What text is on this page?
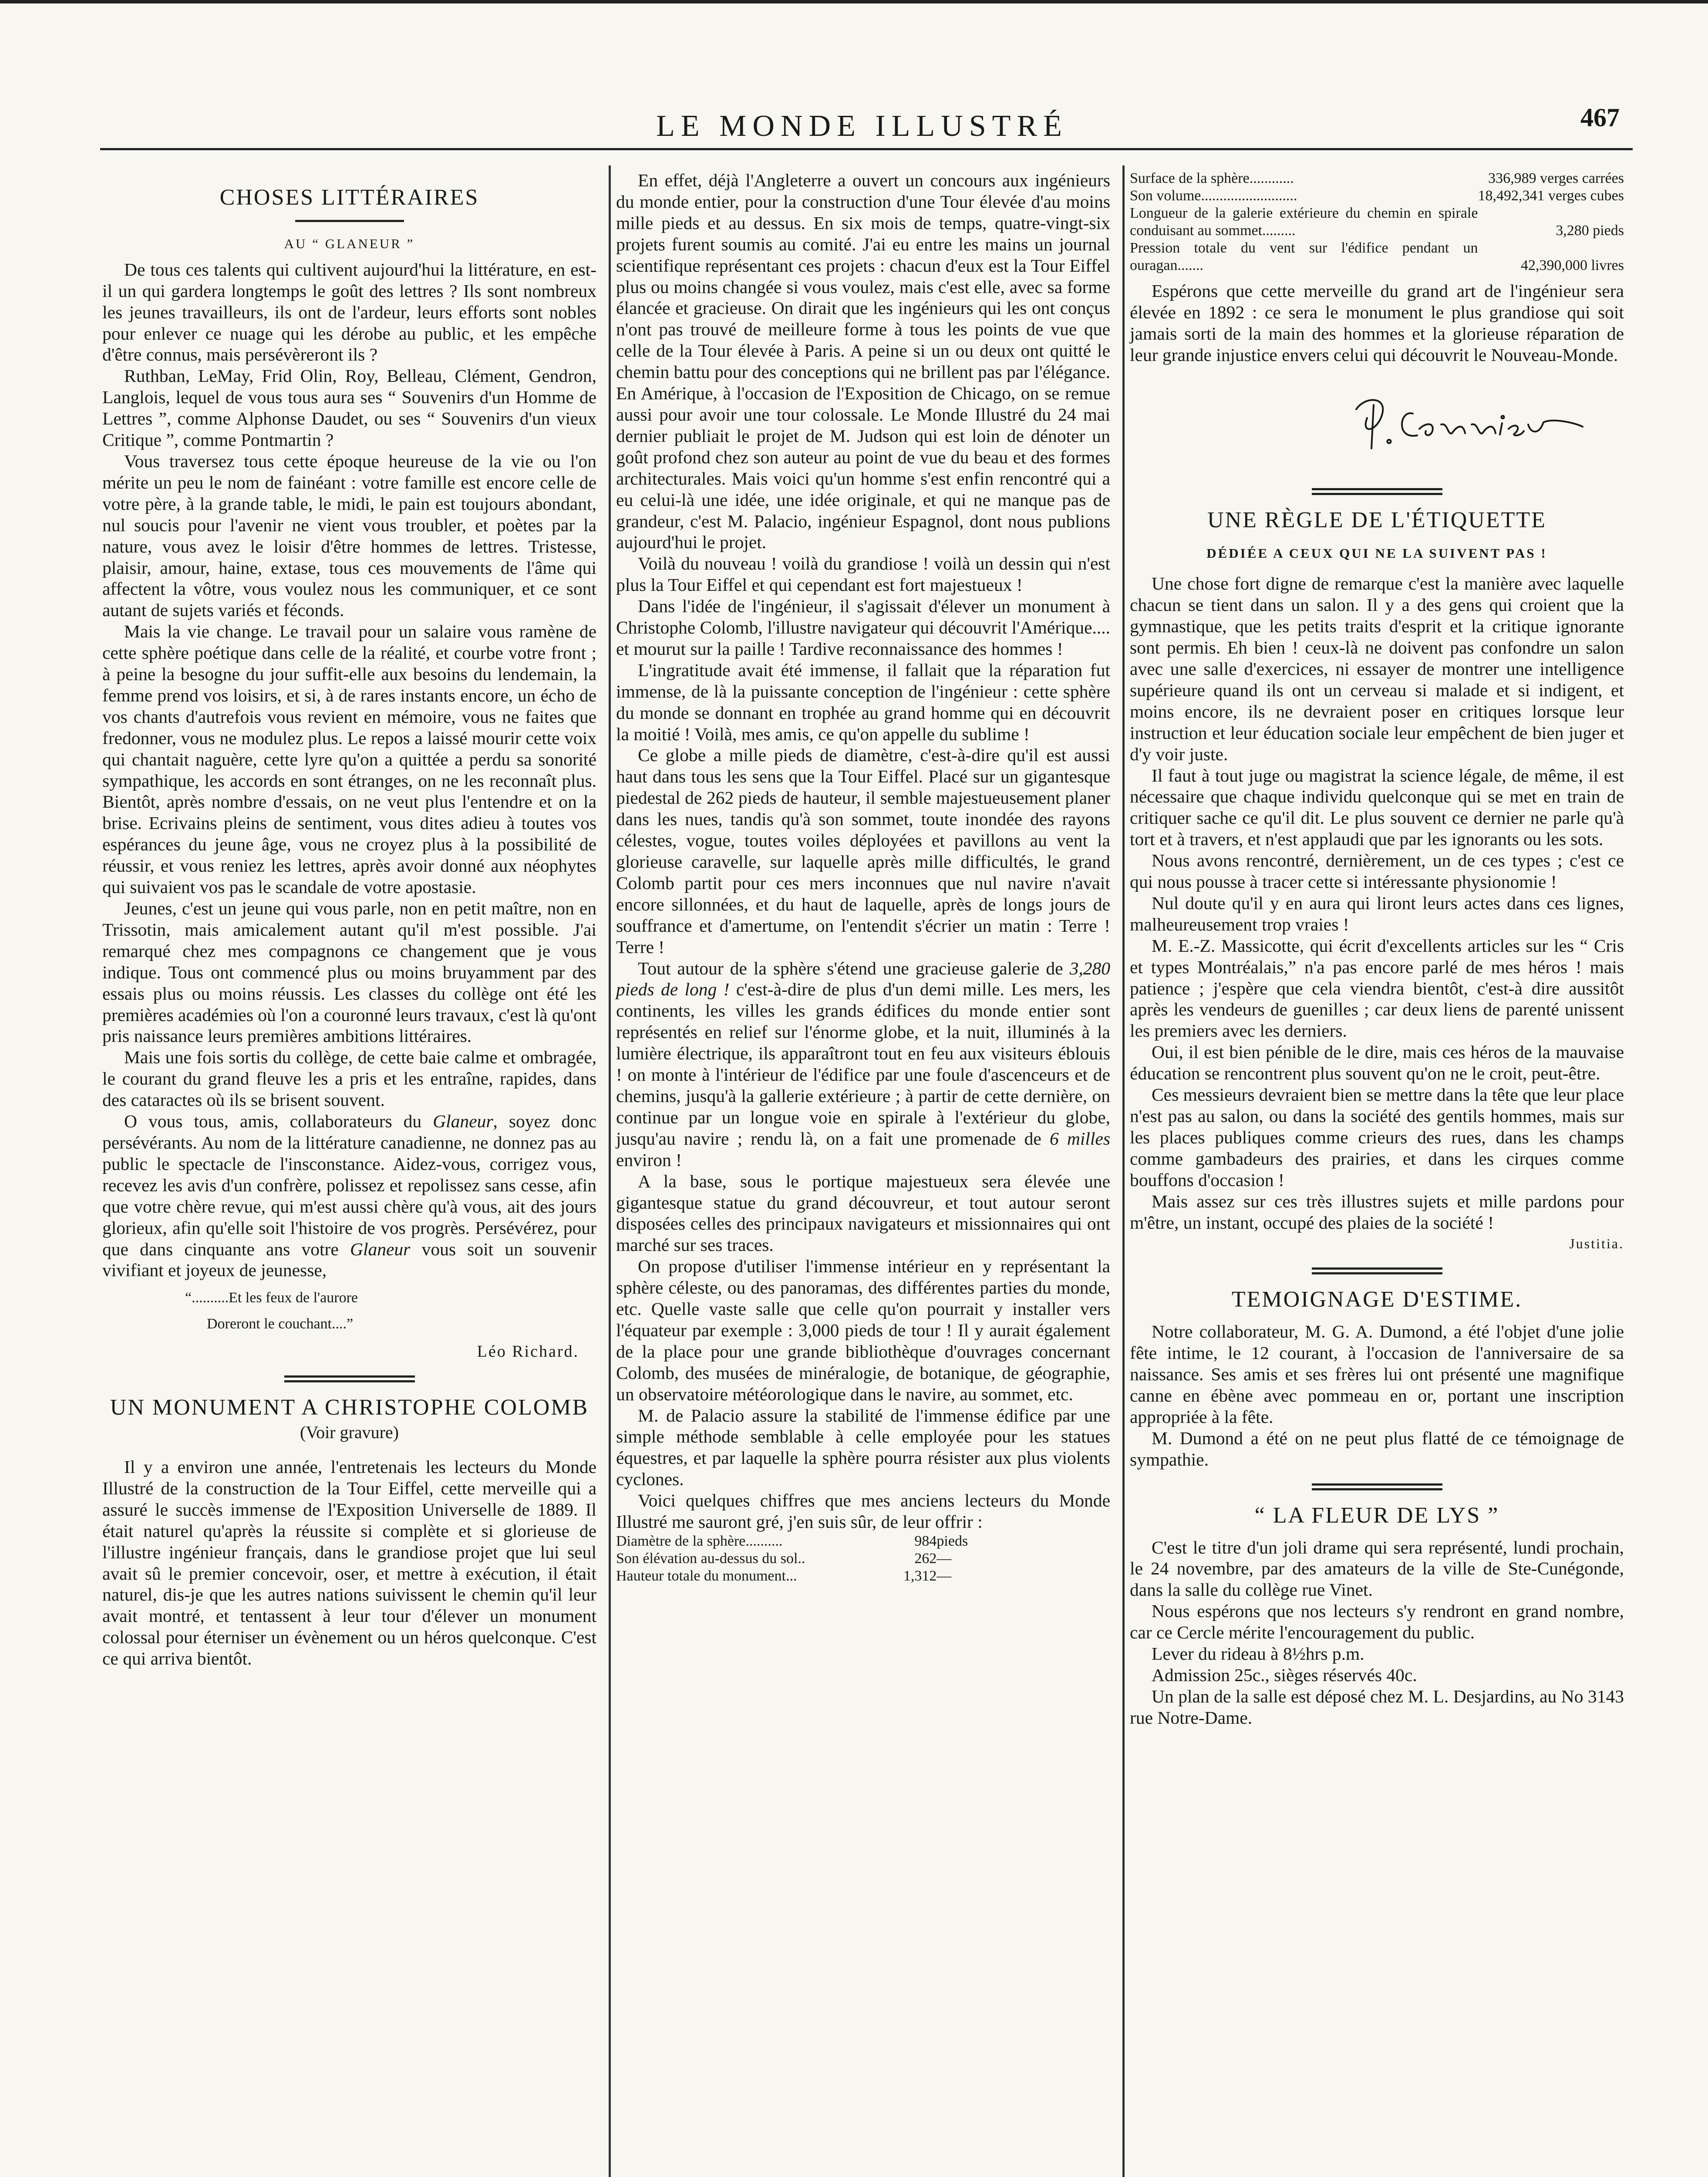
LE MONDE ILLUSTRÉ	467
CHOSES LITTÉRAIRES
AU “ GLANEUR ”

De tous ces talents qui cultivent aujourd'hui la littérature, en est-il un qui gardera longtemps le goût des lettres ? Ils sont nombreux les jeunes travailleurs, ils ont de l'ardeur, leurs efforts sont nobles pour enlever ce nuage qui les dérobe au public, et les empêche d'être connus, mais persévèreront ils ?

Ruthban, LeMay, Frid Olin, Roy, Belleau, Clément, Gendron, Langlois, lequel de vous tous aura ses “ Souvenirs d'un Homme de Lettres ”, comme Alphonse Daudet, ou ses “ Souvenirs d'un vieux Critique ”, comme Pontmartin ?

Vous traversez tous cette époque heureuse de la vie ou l'on mérite un peu le nom de fainéant : votre famille est encore celle de votre père, à la grande table, le midi, le pain est toujours abondant, nul soucis pour l'avenir ne vient vous troubler, et poètes par la nature, vous avez le loisir d'être hommes de lettres. Tristesse, plaisir, amour, haine, extase, tous ces mouvements de l'âme qui affectent la vôtre, vous voulez nous les communiquer, et ce sont autant de sujets variés et féconds.

Mais la vie change. Le travail pour un salaire vous ramène de cette sphère poétique dans celle de la réalité, et courbe votre front ; à peine la besogne du jour suffit-elle aux besoins du lendemain, la femme prend vos loisirs, et si, à de rares instants encore, un écho de vos chants d'autrefois vous revient en mémoire, vous ne faites que fredonner, vous ne modulez plus. Le repos a laissé mourir cette voix qui chantait naguère, cette lyre qu'on a quittée a perdu sa sonorité sympathique, les accords en sont étranges, on ne les reconnaît plus. Bientôt, après nombre d'essais, on ne veut plus l'entendre et on la brise. Ecrivains pleins de sentiment, vous dites adieu à toutes vos espérances du jeune âge, vous ne croyez plus à la possibilité de réussir, et vous reniez les lettres, après avoir donné aux néophytes qui suivaient vos pas le scandale de votre apostasie.

Jeunes, c'est un jeune qui vous parle, non en petit maître, non en Trissotin, mais amicalement autant qu'il m'est possible. J'ai remarqué chez mes compagnons ce changement que je vous indique. Tous ont commencé plus ou moins bruyamment par des essais plus ou moins réussis. Les classes du collège ont été les premières académies où l'on a couronné leurs travaux, c'est là qu'ont pris naissance leurs premières ambitions littéraires.

Mais une fois sortis du collège, de cette baie calme et ombragée, le courant du grand fleuve les a pris et les entraîne, rapides, dans des cataractes où ils se brisent souvent.

O vous tous, amis, collaborateurs du Glaneur, soyez donc persévérants. Au nom de la littérature canadienne, ne donnez pas au public le spectacle de l'insconstance. Aidez-vous, corrigez vous, recevez les avis d'un confrère, polissez et repolissez sans cesse, afin que votre chère revue, qui m'est aussi chère qu'à vous, ait des jours glorieux, afin qu'elle soit l'histoire de vos progrès. Persévérez, pour que dans cinquante ans votre Glaneur vous soit un souvenir vivifiant et joyeux de jeunesse,

“..........Et les feux de l'aurore
Doreront le couchant....”
Léo Richard.
UN MONUMENT A CHRISTOPHE COLOMB
(Voir gravure)

Il y a environ une année, l'entretenais les lecteurs du Monde Illustré de la construction de la Tour Eiffel, cette merveille qui a assuré le succès immense de l'Exposition Universelle de 1889. Il était naturel qu'après la réussite si complète et si glorieuse de l'illustre ingénieur français, dans le grandiose projet que lui seul avait sû le premier concevoir, oser, et mettre à exécution, il était naturel, dis-je que les autres nations suivissent le chemin qu'il leur avait montré, et tentassent à leur tour d'élever un monument colossal pour éterniser un évènement ou un héros quelconque. C'est ce qui arriva bientôt.

En effet, déjà l'Angleterre a ouvert un concours aux ingénieurs du monde entier, pour la construction d'une Tour élevée d'au moins mille pieds et au dessus. En six mois de temps, quatre-vingt-six projets furent soumis au comité. J'ai eu entre les mains un journal scientifique représentant ces projets : chacun d'eux est la Tour Eiffel plus ou moins changée si vous voulez, mais c'est elle, avec sa forme élancée et gracieuse. On dirait que les ingénieurs qui les ont conçus n'ont pas trouvé de meilleure forme à tous les points de vue que celle de la Tour élevée à Paris. A peine si un ou deux ont quitté le chemin battu pour des conceptions qui ne brillent pas par l'élégance. En Amérique, à l'occasion de l'Exposition de Chicago, on se remue aussi pour avoir une tour colossale. Le Monde Illustré du 24 mai dernier publiait le projet de M. Judson qui est loin de dénoter un goût profond chez son auteur au point de vue du beau et des formes architecturales. Mais voici qu'un homme s'est enfin rencontré qui a eu celui-là une idée, une idée originale, et qui ne manque pas de grandeur, c'est M. Palacio, ingénieur Espagnol, dont nous publions aujourd'hui le projet.

Voilà du nouveau ! voilà du grandiose ! voilà un dessin qui n'est plus la Tour Eiffel et qui cependant est fort majestueux !

Dans l'idée de l'ingénieur, il s'agissait d'élever un monument à Christophe Colomb, l'illustre navigateur qui découvrit l'Amérique.... et mourut sur la paille ! Tardive reconnaissance des hommes !

L'ingratitude avait été immense, il fallait que la réparation fut immense, de là la puissante conception de l'ingénieur : cette sphère du monde se donnant en trophée au grand homme qui en découvrit la moitié ! Voilà, mes amis, ce qu'on appelle du sublime !

Ce globe a mille pieds de diamètre, c'est-à-dire qu'il est aussi haut dans tous les sens que la Tour Eiffel. Placé sur un gigantesque piedestal de 262 pieds de hauteur, il semble majestueusement planer dans les nues, tandis qu'à son sommet, toute inondée des rayons célestes, vogue, toutes voiles déployées et pavillons au vent la glorieuse caravelle, sur laquelle après mille difficultés, le grand Colomb partit pour ces mers inconnues que nul navire n'avait encore sillonnées, et du haut de laquelle, après de longs jours de souffrance et d'amertume, on l'entendit s'écrier un matin : Terre ! Terre !

Tout autour de la sphère s'étend une gracieuse galerie de 3,280 pieds de long ! c'est-à-dire de plus d'un demi mille. Les mers, les continents, les villes les grands édifices du monde entier sont représentés en relief sur l'énorme globe, et la nuit, illuminés à la lumière électrique, ils apparaîtront tout en feu aux visiteurs éblouis ! on monte à l'intérieur de l'édifice par une foule d'ascenceurs et de chemins, jusqu'à la gallerie extérieure ; à partir de cette dernière, on continue par un longue voie en spirale à l'extérieur du globe, jusqu'au navire ; rendu là, on a fait une promenade de 6 milles environ !

A la base, sous le portique majestueux sera élevée une gigantesque statue du grand découvreur, et tout autour seront disposées celles des principaux navigateurs et missionnaires qui ont marché sur ses traces.

On propose d'utiliser l'immense intérieur en y représentant la sphère céleste, ou des panoramas, des différentes parties du monde, etc. Quelle vaste salle que celle qu'on pourrait y installer vers l'équateur par exemple : 3,000 pieds de tour ! Il y aurait également de la place pour une grande bibliothèque d'ouvrages concernant Colomb, des musées de minéralogie, de botanique, de géographie, un observatoire météorologique dans le navire, au sommet, etc.

M. de Palacio assure la stabilité de l'immense édifice par une simple méthode semblable à celle employée pour les statues équestres, et par laquelle la sphère pourra résister aux plus violents cyclones.

Voici quelques chiffres que mes anciens lecteurs du Monde Illustré me sauront gré, j'en suis sûr, de leur offrir :

Diamètre de la sphère..........	984	pieds
Son élévation au-dessus du sol..	262	—
Hauteur totale du monument...	1,312	—
Surface de la sphère............	336,989 verges carrées
Son volume..........................	18,492,341 verges cubes
Longueur de la galerie extérieure du chemin en spirale conduisant au sommet.........	3,280 pieds
Pression totale du vent sur l'édifice pendant un ouragan.......	42,390,000 livres

Espérons que cette merveille du grand art de l'ingénieur sera élevée en 1892 : ce sera le monument le plus grandiose qui soit jamais sorti de la main des hommes et la glorieuse réparation de leur grande injustice envers celui qui découvrit le Nouveau-Monde.

UNE RÈGLE DE L'ÉTIQUETTE
DÉDIÉE A CEUX QUI NE LA SUIVENT PAS !

Une chose fort digne de remarque c'est la manière avec laquelle chacun se tient dans un salon. Il y a des gens qui croient que la gymnastique, que les petits traits d'esprit et la critique ignorante sont permis. Eh bien ! ceux-là ne doivent pas confondre un salon avec une salle d'exercices, ni essayer de montrer une intelligence supérieure quand ils ont un cerveau si malade et si indigent, et moins encore, ils ne devraient poser en critiques lorsque leur instruction et leur éducation sociale leur empêchent de bien juger et d'y voir juste.

Il faut à tout juge ou magistrat la science légale, de même, il est nécessaire que chaque individu quelconque qui se met en train de critiquer sache ce qu'il dit. Le plus souvent ce dernier ne parle qu'à tort et à travers, et n'est applaudi que par les ignorants ou les sots.

Nous avons rencontré, dernièrement, un de ces types ; c'est ce qui nous pousse à tracer cette si intéressante physionomie !

Nul doute qu'il y en aura qui liront leurs actes dans ces lignes, malheureusement trop vraies !

M. E.-Z. Massicotte, qui écrit d'excellents articles sur les “ Cris et types Montréalais,” n'a pas encore parlé de mes héros ! mais patience ; j'espère que cela viendra bientôt, c'est-à dire aussitôt après les vendeurs de guenilles ; car deux liens de parenté unissent les premiers avec les derniers.

Oui, il est bien pénible de le dire, mais ces héros de la mauvaise éducation se rencontrent plus souvent qu'on ne le croit, peut-être.

Ces messieurs devraient bien se mettre dans la tête que leur place n'est pas au salon, ou dans la société des gentils hommes, mais sur les places publiques comme crieurs des rues, dans les champs comme gambadeurs des prairies, et dans les cirques comme bouffons d'occasion !

Mais assez sur ces très illustres sujets et mille pardons pour m'être, un instant, occupé des plaies de la société !

Justitia.
TEMOIGNAGE D'ESTIME.

Notre collaborateur, M. G. A. Dumond, a été l'objet d'une jolie fête intime, le 12 courant, à l'occasion de l'anniversaire de sa naissance. Ses amis et ses frères lui ont présenté une magnifique canne en ébène avec pommeau en or, portant une inscription appropriée à la fête.

M. Dumond a été on ne peut plus flatté de ce témoignage de sympathie.

“ LA FLEUR DE LYS ”

C'est le titre d'un joli drame qui sera représenté, lundi prochain, le 24 novembre, par des amateurs de la ville de Ste-Cunégonde, dans la salle du collège rue Vinet.

Nous espérons que nos lecteurs s'y rendront en grand nombre, car ce Cercle mérite l'encouragement du public.

Lever du rideau à 8½hrs p.m.

Admission 25c., sièges réservés 40c.

Un plan de la salle est déposé chez M. L. Desjardins, au No 3143 rue Notre-Dame.
